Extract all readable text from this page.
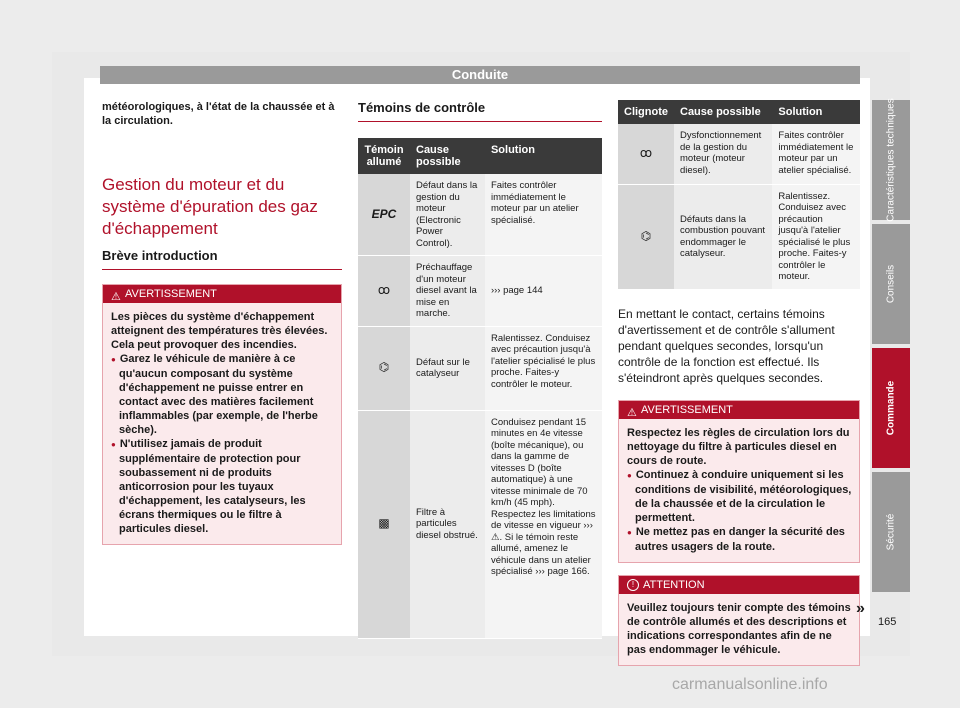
Conduite

météorologiques, à l'état de la chaussée et à la circulation.

Gestion du moteur et du système d'épuration des gaz d'échappement
Brève introduction
⚠ AVERTISSEMENT

Les pièces du système d'échappement atteignent des températures très élevées. Cela peut provoquer des incendies.

● Garez le véhicule de manière à ce qu'aucun composant du système d'échappement ne puisse entrer en contact avec des matières facilement inflammables (par exemple, de l'herbe sèche).

● N'utilisez jamais de produit supplémentaire de protection pour soubassement ni de produits anticorrosion pour les tuyaux d'échappement, les catalyseurs, les écrans thermiques ou le filtre à particules diesel.

Témoins de contrôle
Témoin allumé	Cause possible	Solution
EPC	Défaut dans la gestion du moteur (Electronic Power Control).	Faites contrôler immédiatement le moteur par un atelier spécialisé.
ꝏ	Préchauffage d'un moteur diesel avant la mise en marche.	››› page 144
⌬	Défaut sur le catalyseur	Ralentissez. Conduisez avec précaution jusqu'à l'atelier spécialisé le plus proche. Faites-y contrôler le moteur.
▩	Filtre à particules diesel obstrué.	Conduisez pendant 15 minutes en 4e vitesse (boîte mécanique), ou dans la gamme de vitesses D (boîte automatique) à une vitesse minimale de 70 km/h (45 mph). Respectez les limitations de vitesse en vigueur ››› ⚠. Si le témoin reste allumé, amenez le véhicule dans un atelier spécialisé ››› page 166.
Clignote	Cause possible	Solution
ꝏ	Dysfonctionnement de la gestion du moteur (moteur diesel).	Faites contrôler immédiatement le moteur par un atelier spécialisé.
⌬	Défauts dans la combustion pouvant endommager le catalyseur.	Ralentissez. Conduisez avec précaution jusqu'à l'atelier spécialisé le plus proche. Faites-y contrôler le moteur.

En mettant le contact, certains témoins d'avertissement et de contrôle s'allument pendant quelques secondes, lorsqu'un contrôle de la fonction est effectué. Ils s'éteindront après quelques secondes.

⚠ AVERTISSEMENT

Respectez les règles de circulation lors du nettoyage du filtre à particules diesel en cours de route.

● Continuez à conduire uniquement si les conditions de visibilité, météorologiques, de la chaussée et de la circulation le permettent.

● Ne mettez pas en danger la sécurité des autres usagers de la route.

! ATTENTION

Veuillez toujours tenir compte des témoins de contrôle allumés et des descriptions et indications correspondantes afin de ne pas endommager le véhicule.

»
Caractéristiques techniques
Conseils
Commande
Sécurité
165
carmanualsonline.info
